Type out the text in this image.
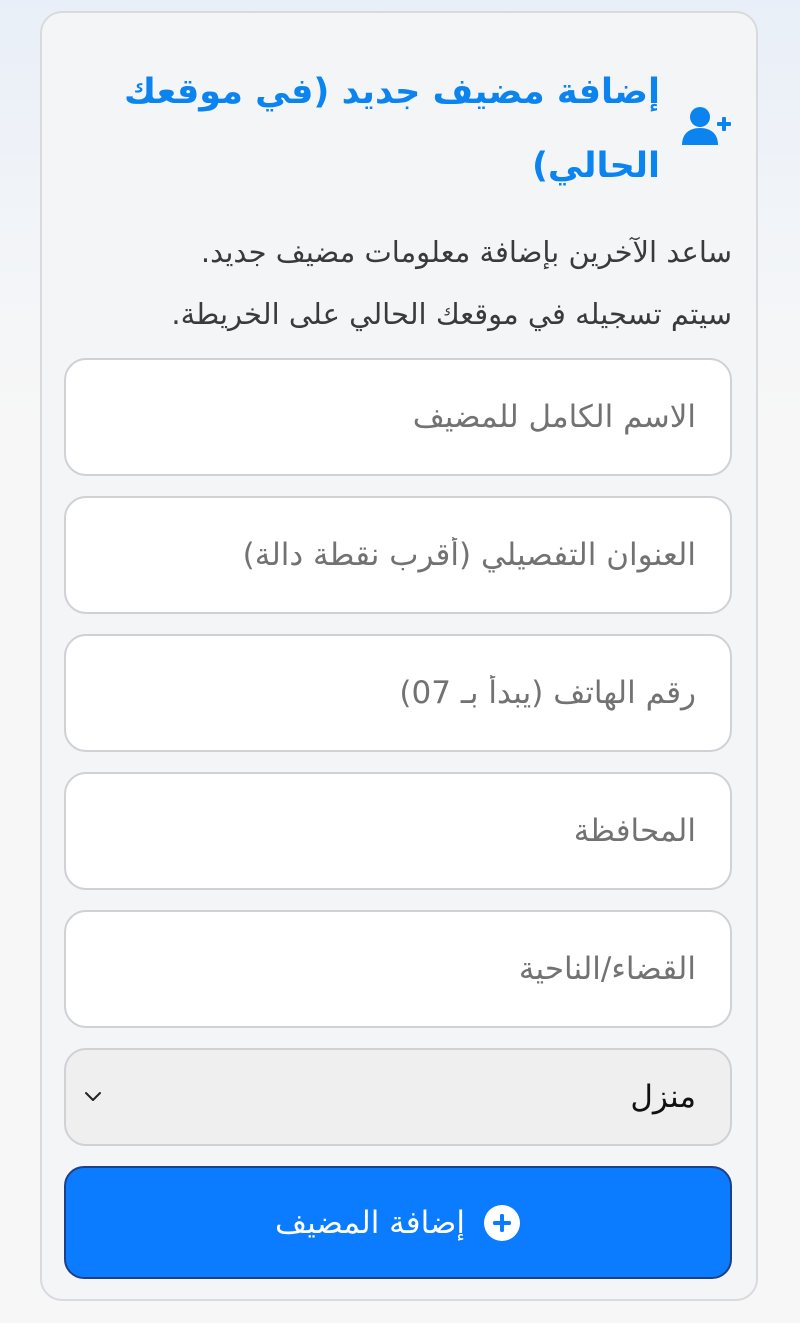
إضافة مضيف جديد (في موقعك الحالي)

ساعد الآخرين بإضافة معلومات مضيف جديد.

سيتم تسجيله في موقعك الحالي على الخريطة.

الاسم الكامل للمضيف
العنوان التفصيلي (أقرب نقطة دالة)
رقم الهاتف (يبدأ بـ 07)
المحافظة
القضاء/الناحية
منزل
إضافة المضيف
